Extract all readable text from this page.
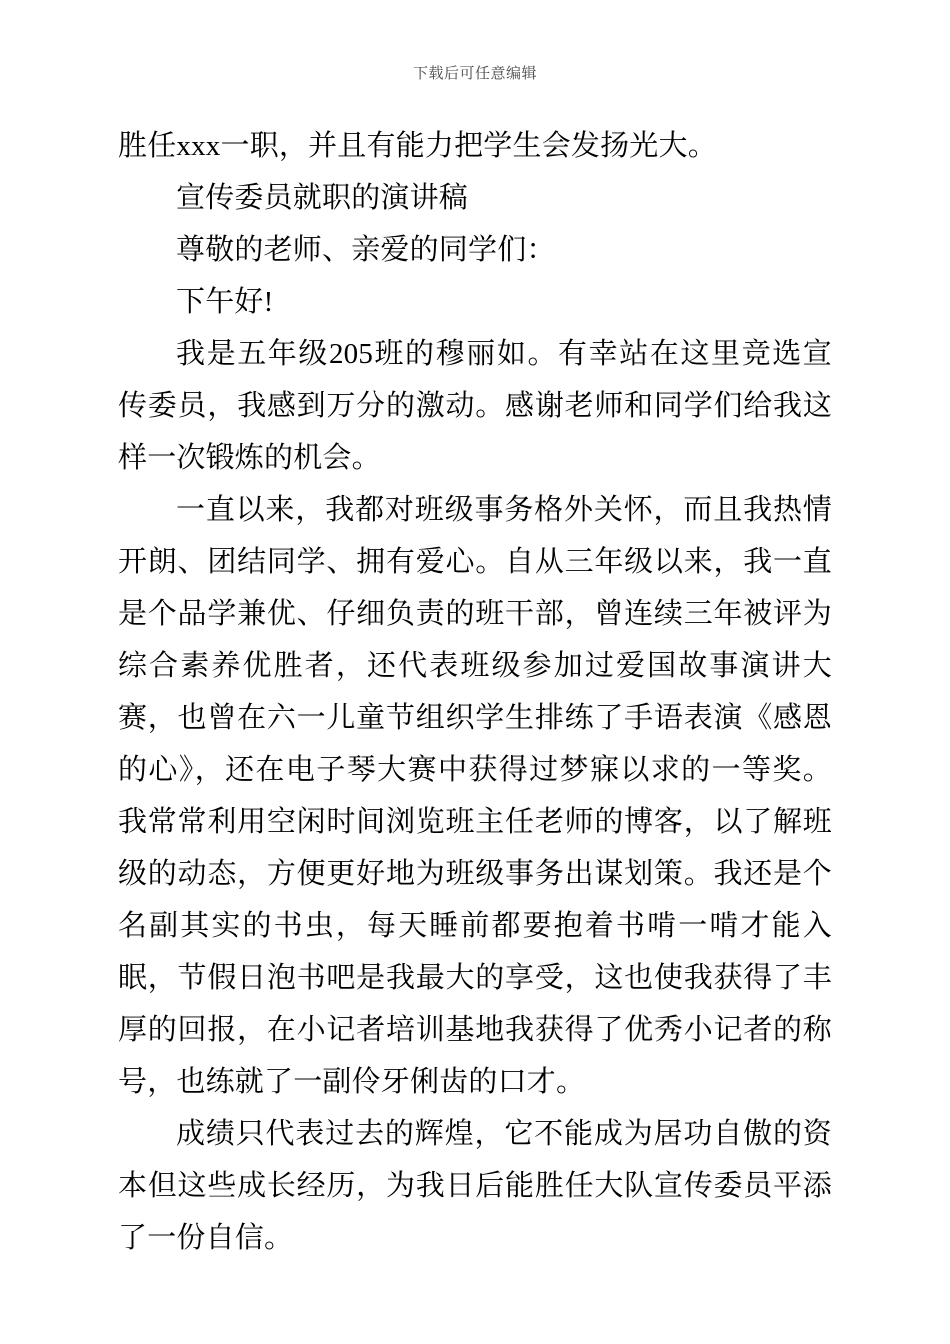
下载后可任意编辑

胜任xxx一职，并且有能力把学生会发扬光大。

宣传委员就职的演讲稿

尊敬的老师、亲爱的同学们：

下午好!

我是五年级205班的穆丽如。有幸站在这里竞选宣传委员，我感到万分的激动。感谢老师和同学们给我这样一次锻炼的机会。

一直以来，我都对班级事务格外关怀，而且我热情开朗、团结同学、拥有爱心。自从三年级以来，我一直是个品学兼优、仔细负责的班干部，曾连续三年被评为综合素养优胜者，还代表班级参加过爱国故事演讲大赛，也曾在六一儿童节组织学生排练了手语表演《感恩的心》，还在电子琴大赛中获得过梦寐以求的一等奖。我常常利用空闲时间浏览班主任老师的博客，以了解班级的动态，方便更好地为班级事务出谋划策。我还是个名副其实的书虫，每天睡前都要抱着书啃一啃才能入眠，节假日泡书吧是我最大的享受，这也使我获得了丰厚的回报，在小记者培训基地我获得了优秀小记者的称号，也练就了一副伶牙俐齿的口才。

成绩只代表过去的辉煌，它不能成为居功自傲的资本但这些成长经历，为我日后能胜任大队宣传委员平添了一份自信。
